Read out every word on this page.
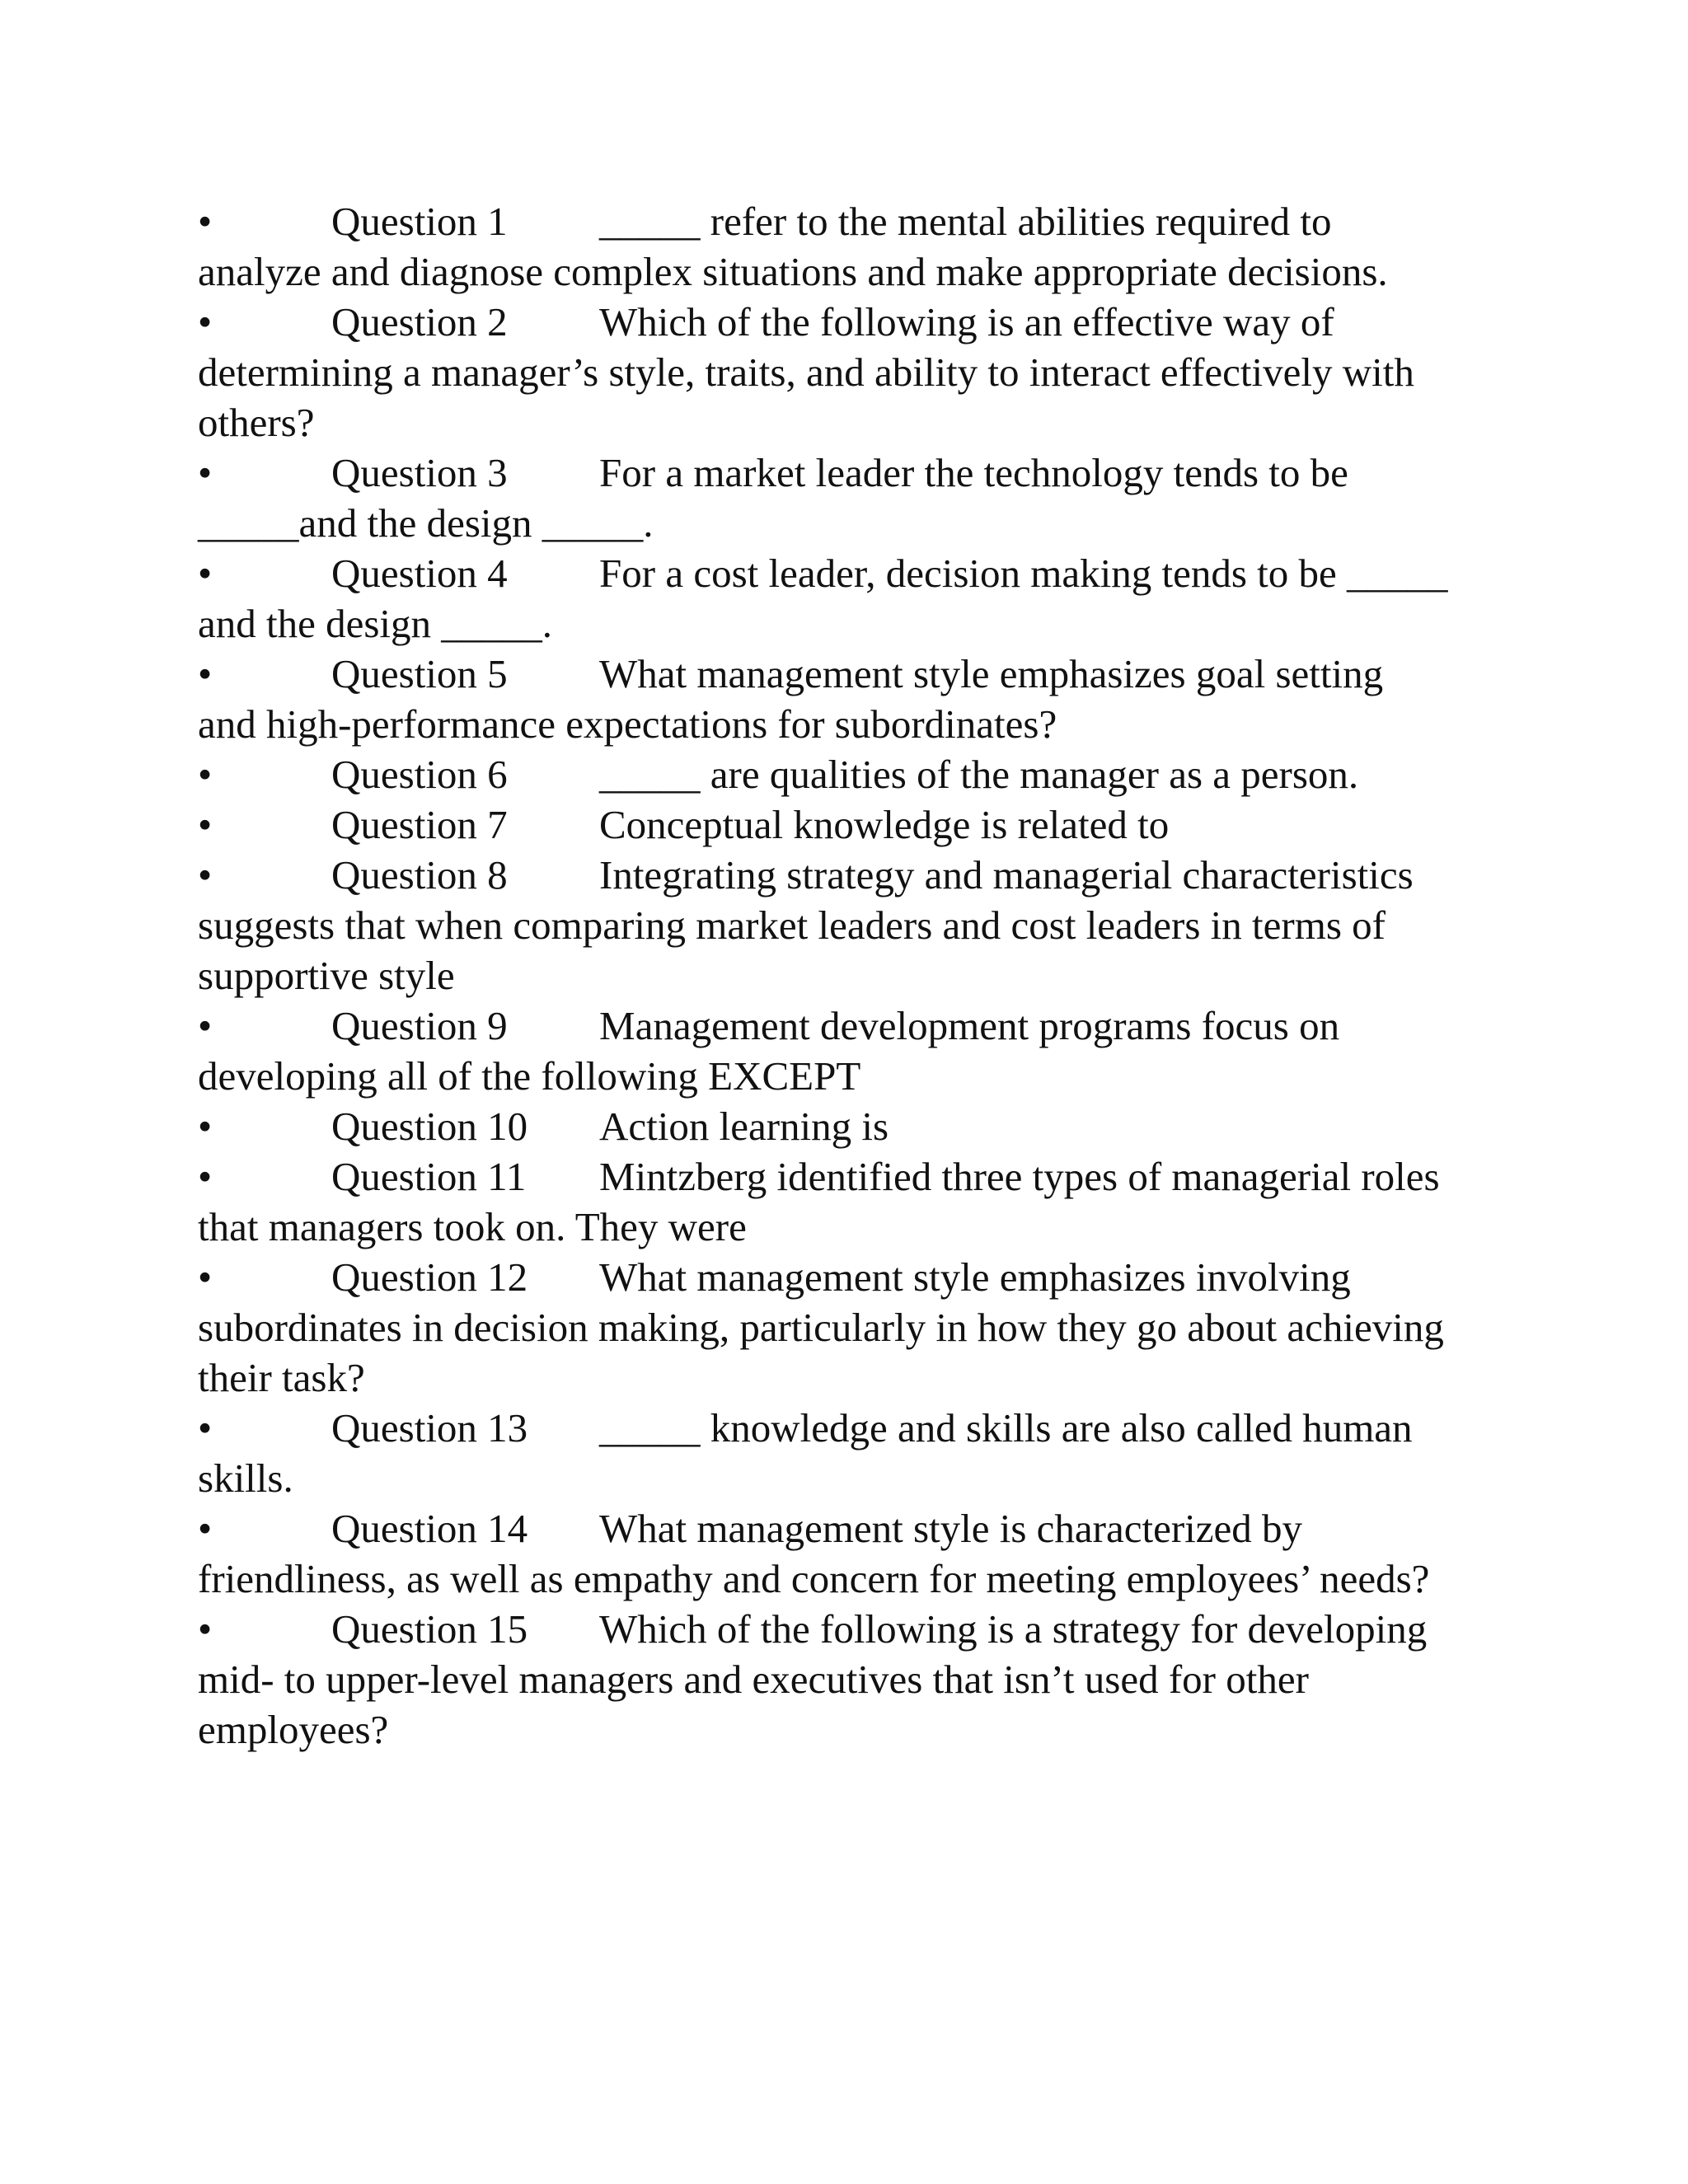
•	Question 1 _____ refer to the mental abilities required to analyze and diagnose complex situations and make appropriate decisions.

•	Question 2 Which of the following is an effective way of determining a manager’s style, traits, and ability to interact effectively with others?

•	Question 3 For a market leader the technology tends to be _____and the design _____.

•	Question 4 For a cost leader, decision making tends to be _____ and the design _____.

•	Question 5 What management style emphasizes goal setting and high-performance expectations for subordinates?

•	Question 6 _____ are qualities of the manager as a person.

•	Question 7 Conceptual knowledge is related to

•	Question 8 Integrating strategy and managerial characteristics suggests that when comparing market leaders and cost leaders in terms of supportive style

•	Question 9 Management development programs focus on developing all of the following EXCEPT

•	Question 10 Action learning is

•	Question 11 Mintzberg identified three types of managerial roles that managers took on. They were

•	Question 12 What management style emphasizes involving subordinates in decision making, particularly in how they go about achieving their task?

•	Question 13 _____ knowledge and skills are also called human skills.

•	Question 14 What management style is characterized by friendliness, as well as empathy and concern for meeting employees’ needs?

•	Question 15 Which of the following is a strategy for developing mid- to upper-level managers and executives that isn’t used for other employees?
